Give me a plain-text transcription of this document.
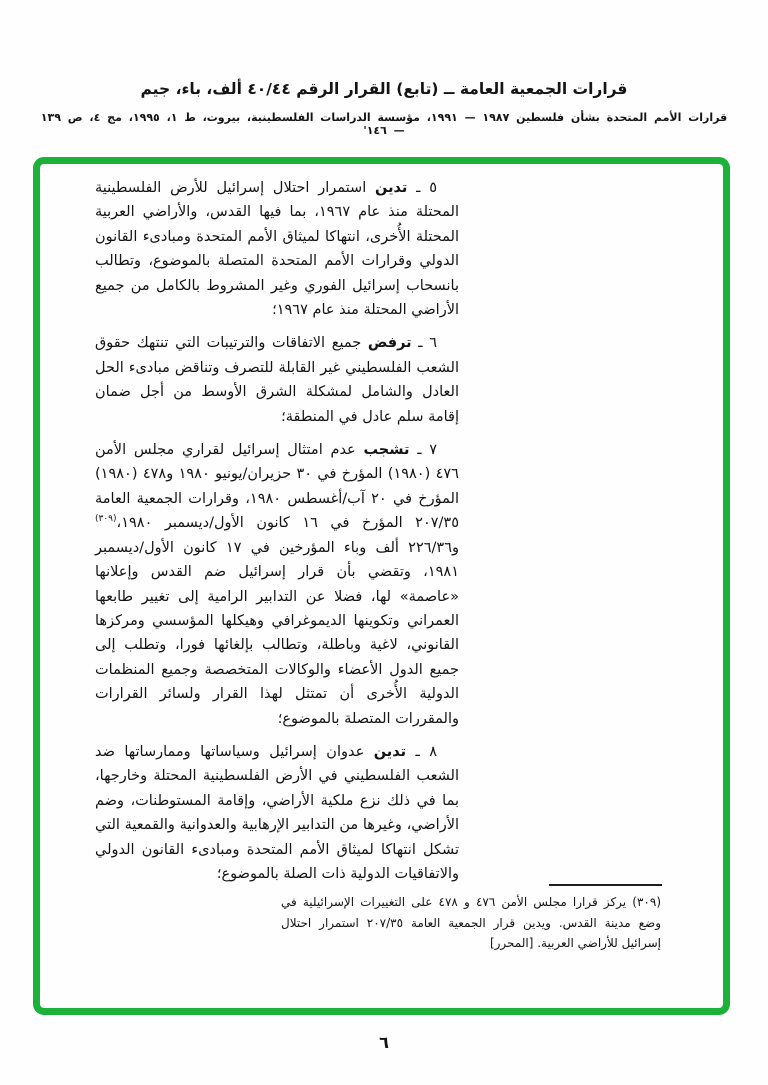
قرارات الجمعية العامة ــ (تابع) القرار الرقم ٤٠/٤٤ ألف، باء، جيم
قرارات الأمم المتحدة بشأن فلسطين ١٩٨٧ — ١٩٩١، مؤسسة الدراسات الفلسطينية، بيروت، ط ١، ١٩٩٥، مج ٤، ص ١٣٩ — ١٤٦'

٥ ـ تدين استمرار احتلال إسرائيل للأرض الفلسطينية المحتلة منذ عام ١٩٦٧، بما فيها القدس، والأراضي العربية المحتلة الأُخرى، انتهاكا لميثاق الأمم المتحدة ومبادىء القانون الدولي وقرارات الأمم المتحدة المتصلة بالموضوع، وتطالب بانسحاب إسرائيل الفوري وغير المشروط بالكامل من جميع الأراضي المحتلة منذ عام ١٩٦٧؛

٦ ـ ترفض جميع الاتفاقات والترتيبات التي تنتهك حقوق الشعب الفلسطيني غير القابلة للتصرف وتناقض مبادىء الحل العادل والشامل لمشكلة الشرق الأوسط من أجل ضمان إقامة سلم عادل في المنطقة؛

٧ ـ تشجب عدم امتثال إسرائيل لقراري مجلس الأمن ٤٧٦ (١٩٨٠) المؤرخ في ٣٠ حزيران/يونيو ١٩٨٠ و٤٧٨ (١٩٨٠) المؤرخ في ٢٠ آب/أغسطس ١٩٨٠، وقرارات الجمعية العامة ٢٠٧/٣٥ المؤرخ في ١٦ كانون الأول/ديسمبر ١٩٨٠،$^{(٣٠٩)}$ و٢٢٦/٣٦ ألف وباء المؤرخين في ١٧ كانون الأول/ديسمبر ١٩٨١، وتقضي بأن قرار إسرائيل ضم القدس وإعلانها «عاصمة» لها، فضلا عن التدابير الرامية إلى تغيير طابعها العمراني وتكوينها الديموغرافي وهيكلها المؤسسي ومركزها القانوني، لاغية وباطلة، وتطالب بإلغائها فورا، وتطلب إلى جميع الدول الأعضاء والوكالات المتخصصة وجميع المنظمات الدولية الأُخرى أن تمتثل لهذا القرار ولسائر القرارات والمقررات المتصلة بالموضوع؛

٨ ـ تدين عدوان إسرائيل وسياساتها وممارساتها ضد الشعب الفلسطيني في الأرض الفلسطينية المحتلة وخارجها، بما في ذلك نزع ملكية الأراضي، وإقامة المستوطنات، وضم الأراضي، وغيرها من التدابير الإرهابية والعدوانية والقمعية التي تشكل انتهاكا لميثاق الأمم المتحدة ومبادىء القانون الدولي والاتفاقيات الدولية ذات الصلة بالموضوع؛

(٣٠٩) يركز قرارا مجلس الأمن ٤٧٦ و ٤٧٨ على التغييرات الإسرائيلية في وضع مدينة القدس. ويدين قرار الجمعية العامة ٢٠٧/٣٥ استمرار احتلال إسرائيل للأراضي العربية. [المحرر]
٦
